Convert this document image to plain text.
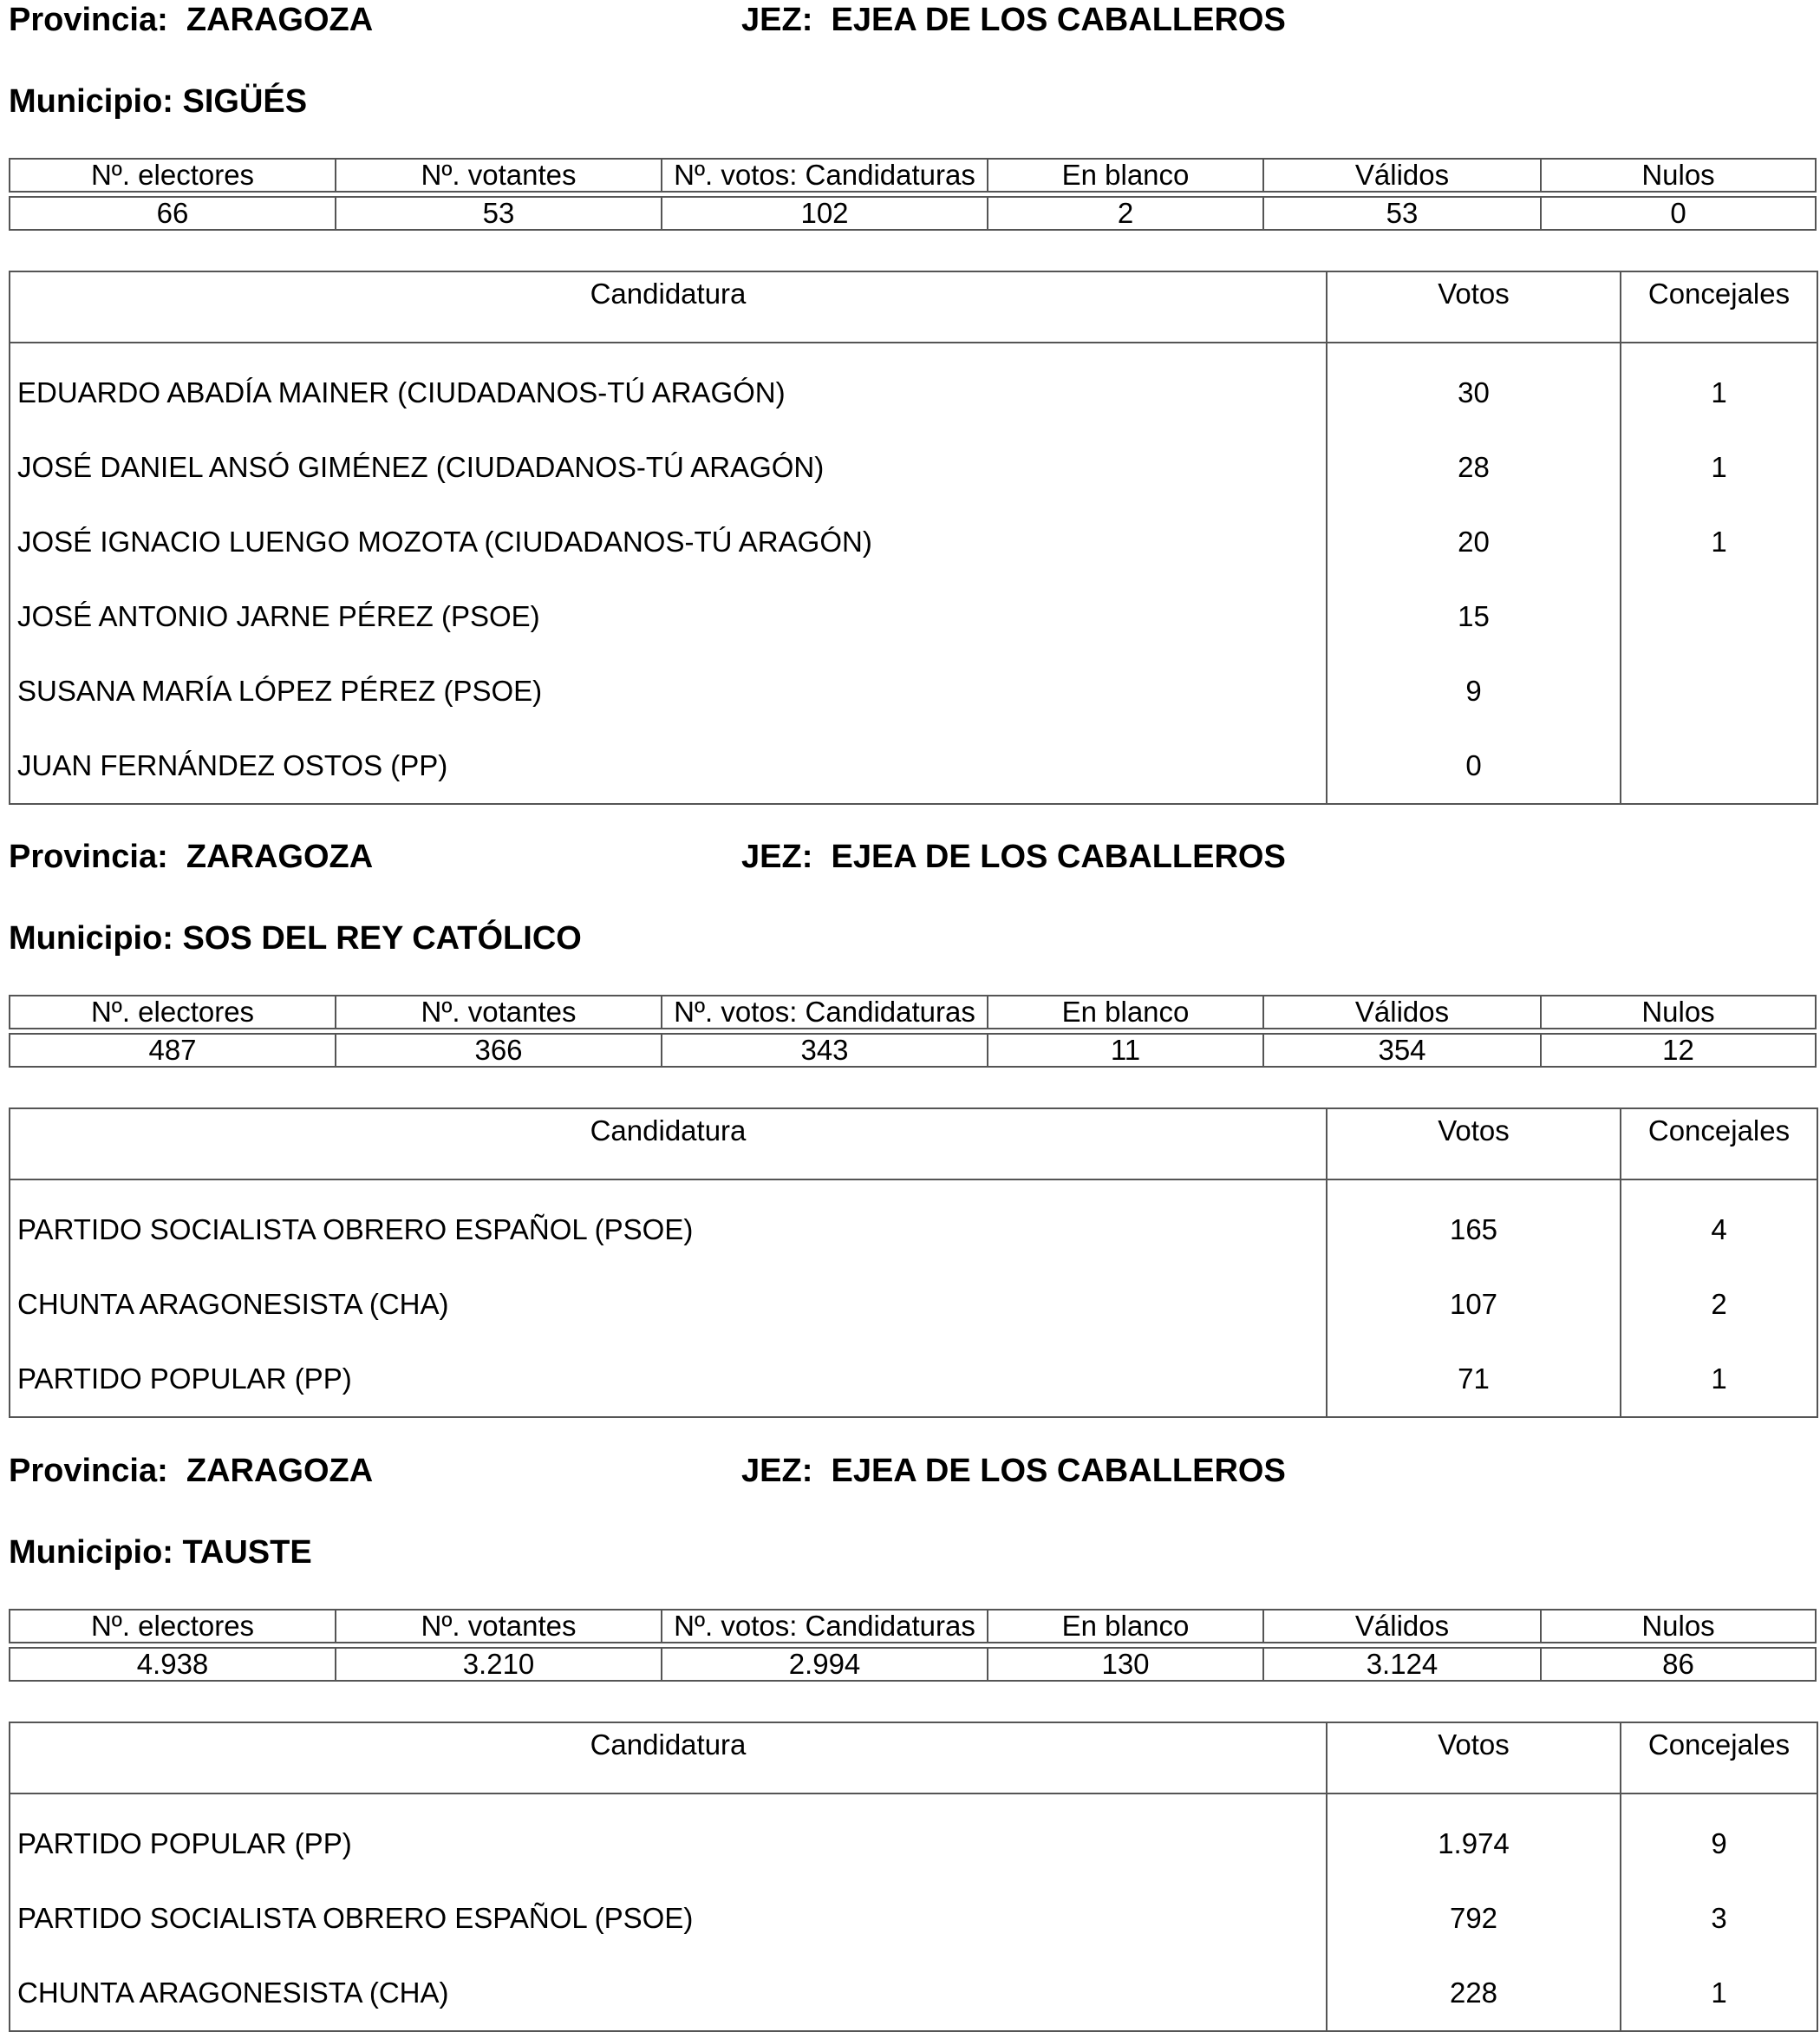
Provincia: ZARAGOZA	JEZ: EJEA DE LOS CABALLEROS
Municipio: SIGÜÉS
Nº. electores	Nº. votantes	Nº. votos: Candidaturas	En blanco	Válidos	Nulos

66	53	102	2	53	0
Candidatura	Votos	Concejales
EDUARDO ABADÍA MAINER (CIUDADANOS-TÚ ARAGÓN)	30	1
JOSÉ DANIEL ANSÓ GIMÉNEZ (CIUDADANOS-TÚ ARAGÓN)	28	1
JOSÉ IGNACIO LUENGO MOZOTA (CIUDADANOS-TÚ ARAGÓN)	20	1
JOSÉ ANTONIO JARNE PÉREZ (PSOE)	15
SUSANA MARÍA LÓPEZ PÉREZ (PSOE)	9
JUAN FERNÁNDEZ OSTOS (PP)	0
Provincia: ZARAGOZA	JEZ: EJEA DE LOS CABALLEROS
Municipio: SOS DEL REY CATÓLICO
Nº. electores	Nº. votantes	Nº. votos: Candidaturas	En blanco	Válidos	Nulos

487	366	343	11	354	12
Candidatura	Votos	Concejales
PARTIDO SOCIALISTA OBRERO ESPAÑOL (PSOE)	165	4
CHUNTA ARAGONESISTA (CHA)	107	2
PARTIDO POPULAR (PP)	71	1
Provincia: ZARAGOZA	JEZ: EJEA DE LOS CABALLEROS
Municipio: TAUSTE
Nº. electores	Nº. votantes	Nº. votos: Candidaturas	En blanco	Válidos	Nulos

4.938	3.210	2.994	130	3.124	86
Candidatura	Votos	Concejales
PARTIDO POPULAR (PP)	1.974	9
PARTIDO SOCIALISTA OBRERO ESPAÑOL (PSOE)	792	3
CHUNTA ARAGONESISTA (CHA)	228	1
